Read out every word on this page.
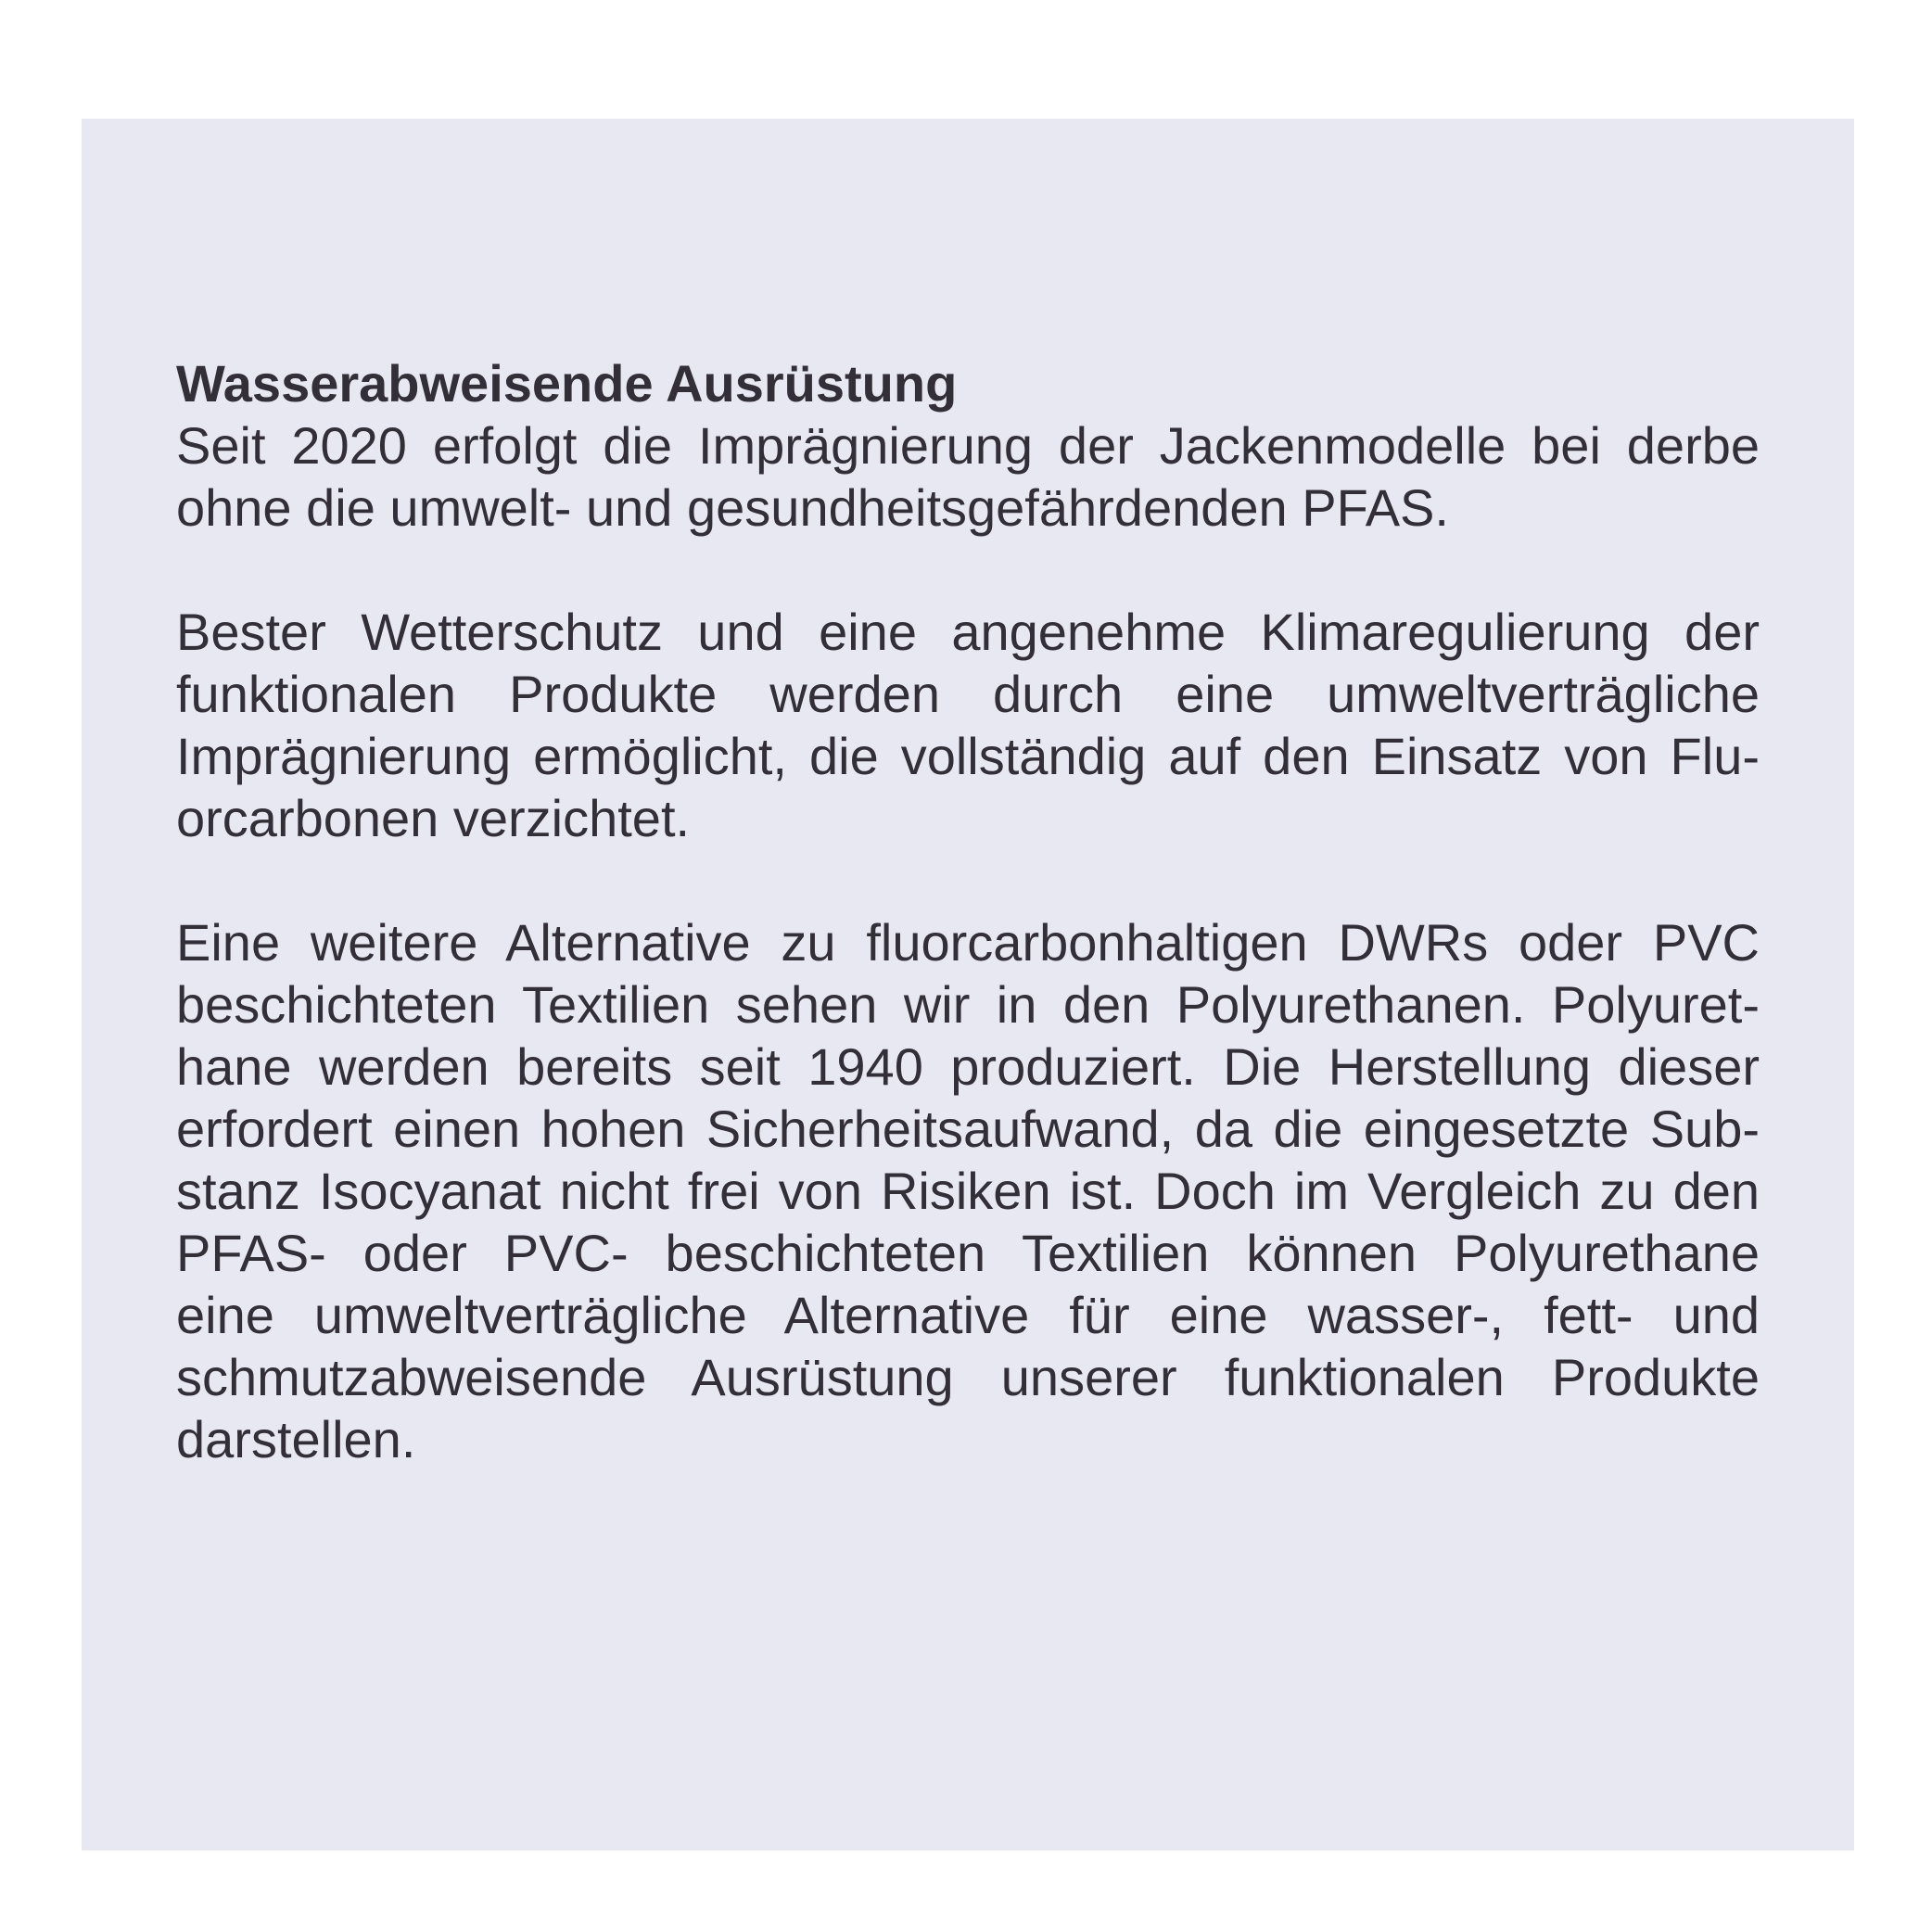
Wasserabweisende Ausrüstung
Seit 2020 erfolgt die Imprägnierung der Jackenmodelle bei derbe
ohne die umwelt- und gesundheitsgefährdenden PFAS.
Bester Wetterschutz und eine angenehme Klimaregulierung der
funktionalen Produkte werden durch eine umweltverträgliche
Imprägnierung ermöglicht, die vollständig auf den Einsatz von Flu-
orcarbonen verzichtet.
Eine weitere Alternative zu fluorcarbonhaltigen DWRs oder PVC
beschichteten Textilien sehen wir in den Polyurethanen. Polyuret-
hane werden bereits seit 1940 produziert. Die Herstellung dieser
erfordert einen hohen Sicherheitsaufwand, da die eingesetzte Sub-
stanz Isocyanat nicht frei von Risiken ist. Doch im Vergleich zu den
PFAS- oder PVC- beschichteten Textilien können Polyurethane
eine umweltverträgliche Alternative für eine wasser-, fett- und
schmutzabweisende Ausrüstung unserer funktionalen Produkte
darstellen.
